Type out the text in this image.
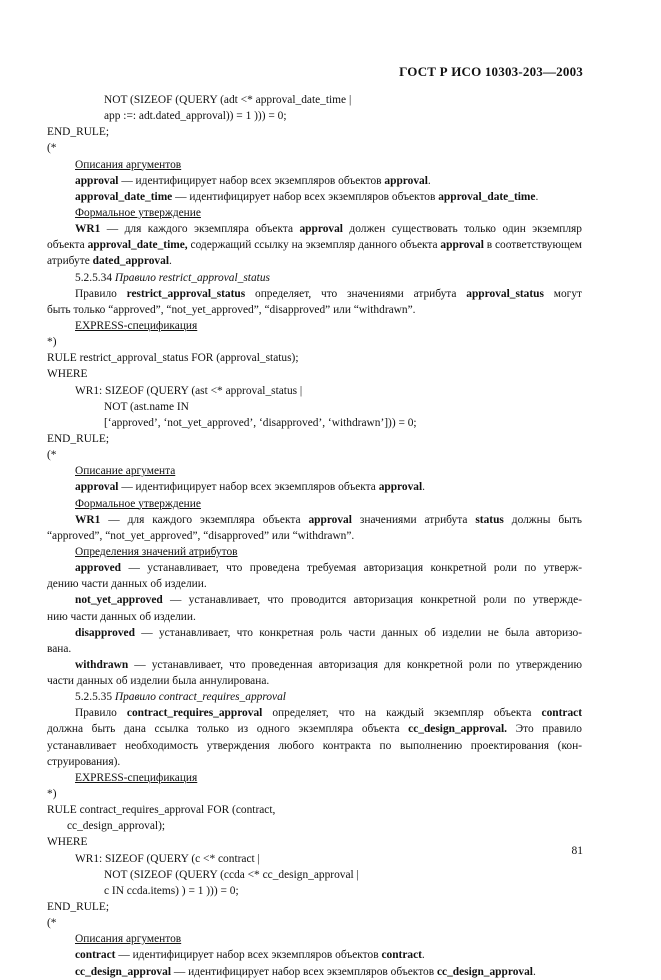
ГОСТ Р ИСО 10303-203—2003
NOT (SIZEOF (QUERY (adt <* approval_date_time |
app :=: adt.dated_approval)) = 1 ))) = 0;
END_RULE;
(*
Описания аргументов
approval — идентифицирует набор всех экземпляров объектов approval.
approval_date_time — идентифицирует набор всех экземпляров объектов approval_date_time.
Формальное утверждение
WR1 — для каждого экземпляра объекта approval должен существовать только один экземпляр
объекта approval_date_time, содержащий ссылку на экземпляр данного объекта approval в соответствующем
атрибуте dated_approval.
5.2.5.34 Правило restrict_approval_status
Правило restrict_approval_status определяет, что значениями атрибута approval_status могут
быть только “approved”, “not_yet_approved”, “disapproved” или “withdrawn”.
EXPRESS-спецификация
*)
RULE restrict_approval_status FOR (approval_status);
WHERE
WR1: SIZEOF (QUERY (ast <* approval_status |
NOT (ast.name IN
[‘approved’, ‘not_yet_approved’, ‘disapproved’, ‘withdrawn’])) = 0;
END_RULE;
(*
Описание аргумента
approval — идентифицирует набор всех экземпляров объекта approval.
Формальное утверждение
WR1 — для каждого экземпляра объекта approval значениями атрибута status должны быть
“approved”, “not_yet_approved”, “disapproved” или “withdrawn”.
Определения значений атрибутов
approved — устанавливает, что проведена требуемая авторизация конкретной роли по утверж-
дению части данных об изделии.
not_yet_approved — устанавливает, что проводится авторизация конкретной роли по утвержде-
нию части данных об изделии.
disapproved — устанавливает, что конкретная роль части данных об изделии не была авторизо-
вана.
withdrawn — устанавливает, что проведенная авторизация для конкретной роли по утверждению
части данных об изделии была аннулирована.
5.2.5.35 Правило contract_requires_approval
Правило contract_requires_approval определяет, что на каждый экземпляр объекта contract
должна быть дана ссылка только из одного экземпляра объекта cc_design_approval. Это правило
устанавливает необходимость утверждения любого контракта по выполнению проектирования (кон-
струирования).
EXPRESS-спецификация
*)
RULE contract_requires_approval FOR (contract,
cc_design_approval);
WHERE
WR1: SIZEOF (QUERY (c <* contract |
NOT (SIZEOF (QUERY (ccda <* cc_design_approval |
c IN ccda.items) ) = 1 ))) = 0;
END_RULE;
(*
Описания аргументов
contract — идентифицирует набор всех экземпляров объектов contract.
cc_design_approval — идентифицирует набор всех экземпляров объектов cc_design_approval.
81
